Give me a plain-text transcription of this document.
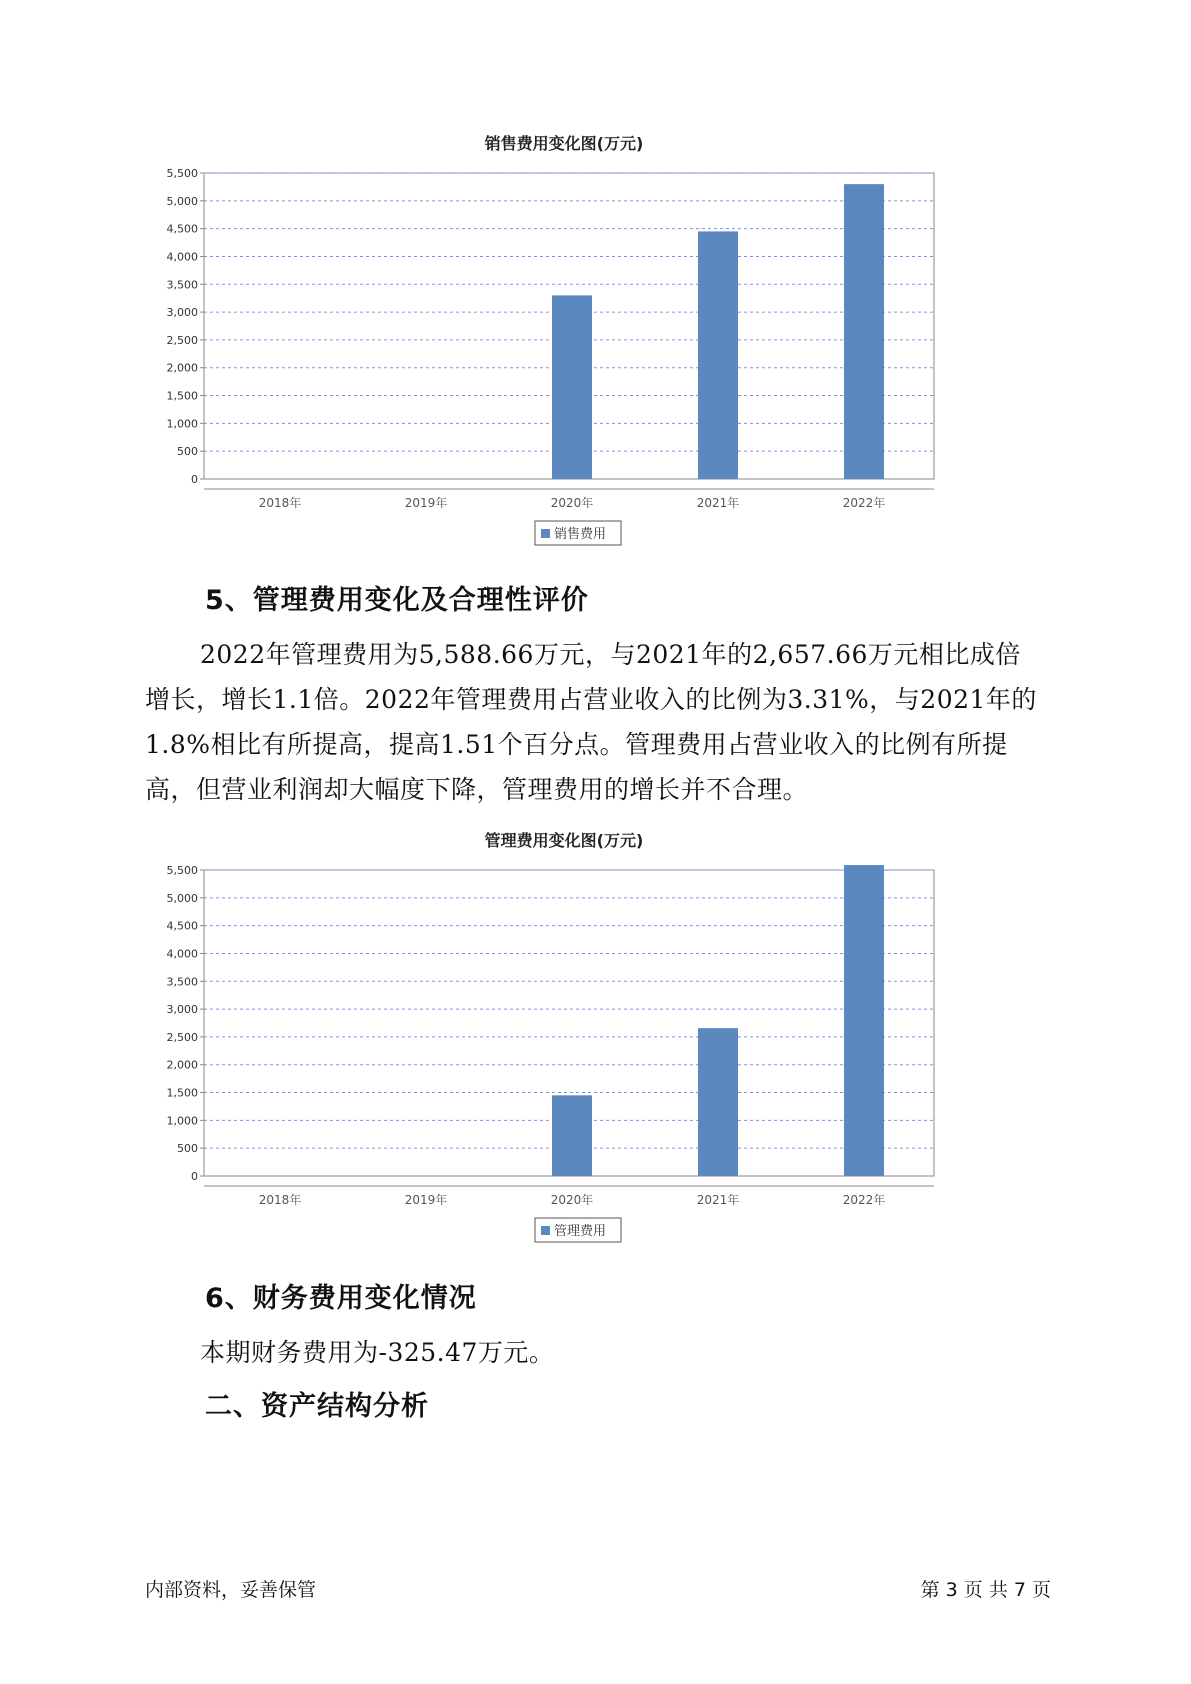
销售费用变化图(万元)
5,500
5,000
4,500
4,000
3,500
3,000
2,500
2,000
1,500
1,000
500
0
2018年	2019年	2020年	2021年	2022年
销售费用
5、管理费用变化及合理性评价

2022年管理费用为5,588.66万元，与2021年的2,657.66万元相比成倍增长，增长1.1倍。2022年管理费用占营业收入的比例为3.31%，与2021年的1.8%相比有所提高，提高1.51个百分点。管理费用占营业收入的比例有所提高，但营业利润却大幅度下降，管理费用的增长并不合理。

管理费用变化图(万元)
5,500
5,000
4,500
4,000
3,500
3,000
2,500
2,000
1,500
1,000
500
0
2018年	2019年	2020年	2021年	2022年
管理费用
6、财务费用变化情况

本期财务费用为-325.47万元。

二、资产结构分析
内部资料，妥善保管	第 3 页 共 7 页
